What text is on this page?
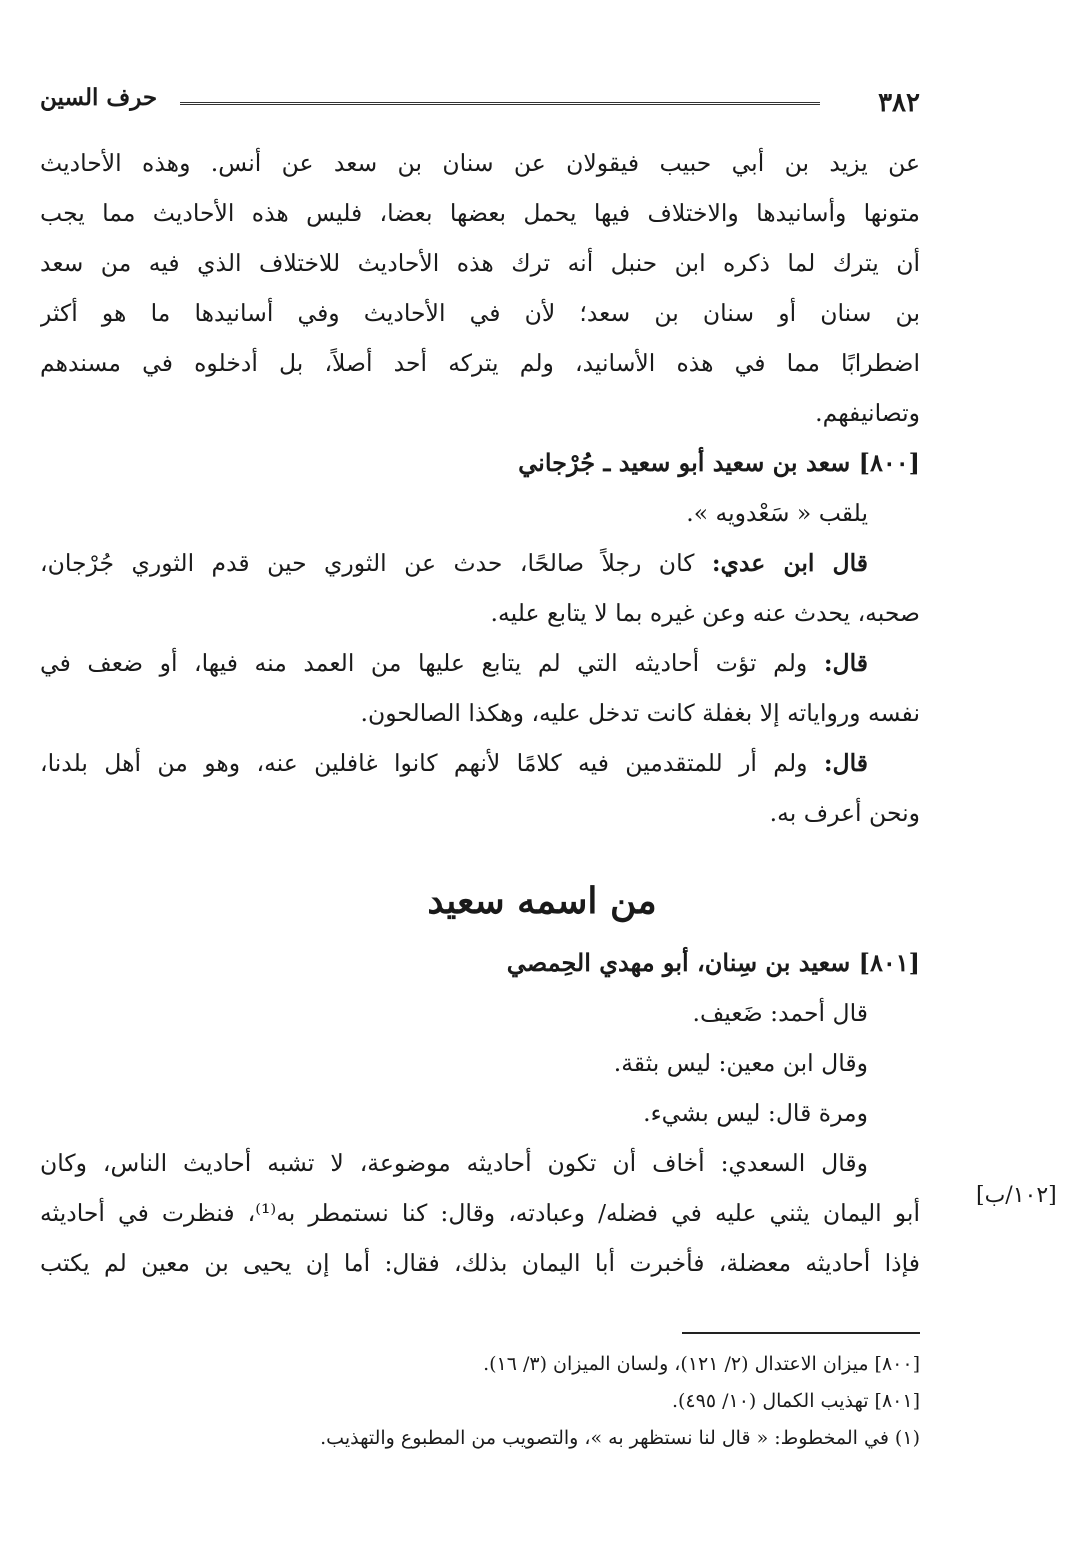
٣٨٢
حرف السين
عن يزيد بن أبي حبيب فيقولان عن سنان بن سعد عن أنس. وهذه الأحاديث
متونها وأسانيدها والاختلاف فيها يحمل بعضها بعضا، فليس هذه الأحاديث مما يجب
أن يترك لما ذكره ابن حنبل أنه ترك هذه الأحاديث للاختلاف الذي فيه من سعد
بن سنان أو سنان بن سعد؛ لأن في الأحاديث وفي أسانيدها ما هو أكثر
اضطرابًا مما في هذه الأسانيد، ولم يتركه أحد أصلاً، بل أدخلوه في مسندهم
وتصانيفهم.
[٨٠٠] سعد بن سعيد أبو سعيد ـ جُرْجاني
يلقب « سَعْدويه ».
قال ابن عدي: كان رجلاً صالحًا، حدث عن الثوري حين قدم الثوري جُرْجان،
صحبه، يحدث عنه وعن غيره بما لا يتابع عليه.
قال: ولم تؤت أحاديثه التي لم يتابع عليها من العمد منه فيها، أو ضعف في
نفسه ورواياته إلا بغفلة كانت تدخل عليه، وهكذا الصالحون.
قال: ولم أر للمتقدمين فيه كلامًا لأنهم كانوا غافلين عنه، وهو من أهل بلدنا،
ونحن أعرف به.
من اسمه سعيد
[٨٠١] سعيد بن سِنان، أبو مهدي الحِمصي
قال أحمد: ضَعيف.
وقال ابن معين: ليس بثقة.
ومرة قال: ليس بشيء.
وقال السعدي: أخاف أن تكون أحاديثه موضوعة، لا تشبه أحاديث الناس، وكان
أبو اليمان يثني عليه في فضله/ وعبادته، وقال: كنا نستمطر به⁽¹⁾، فنظرت في أحاديثه
فإذا أحاديثه معضلة، فأخبرت أبا اليمان بذلك، فقال: أما إن يحيى بن معين لم يكتب
[١٠٢/ب]
[٨٠٠] ميزان الاعتدال (٢/ ١٢١)، ولسان الميزان (٣/ ١٦).
[٨٠١] تهذيب الكمال (١٠/ ٤٩٥).
(١) في المخطوط: « قال لنا نستظهر به »، والتصويب من المطبوع والتهذيب.
